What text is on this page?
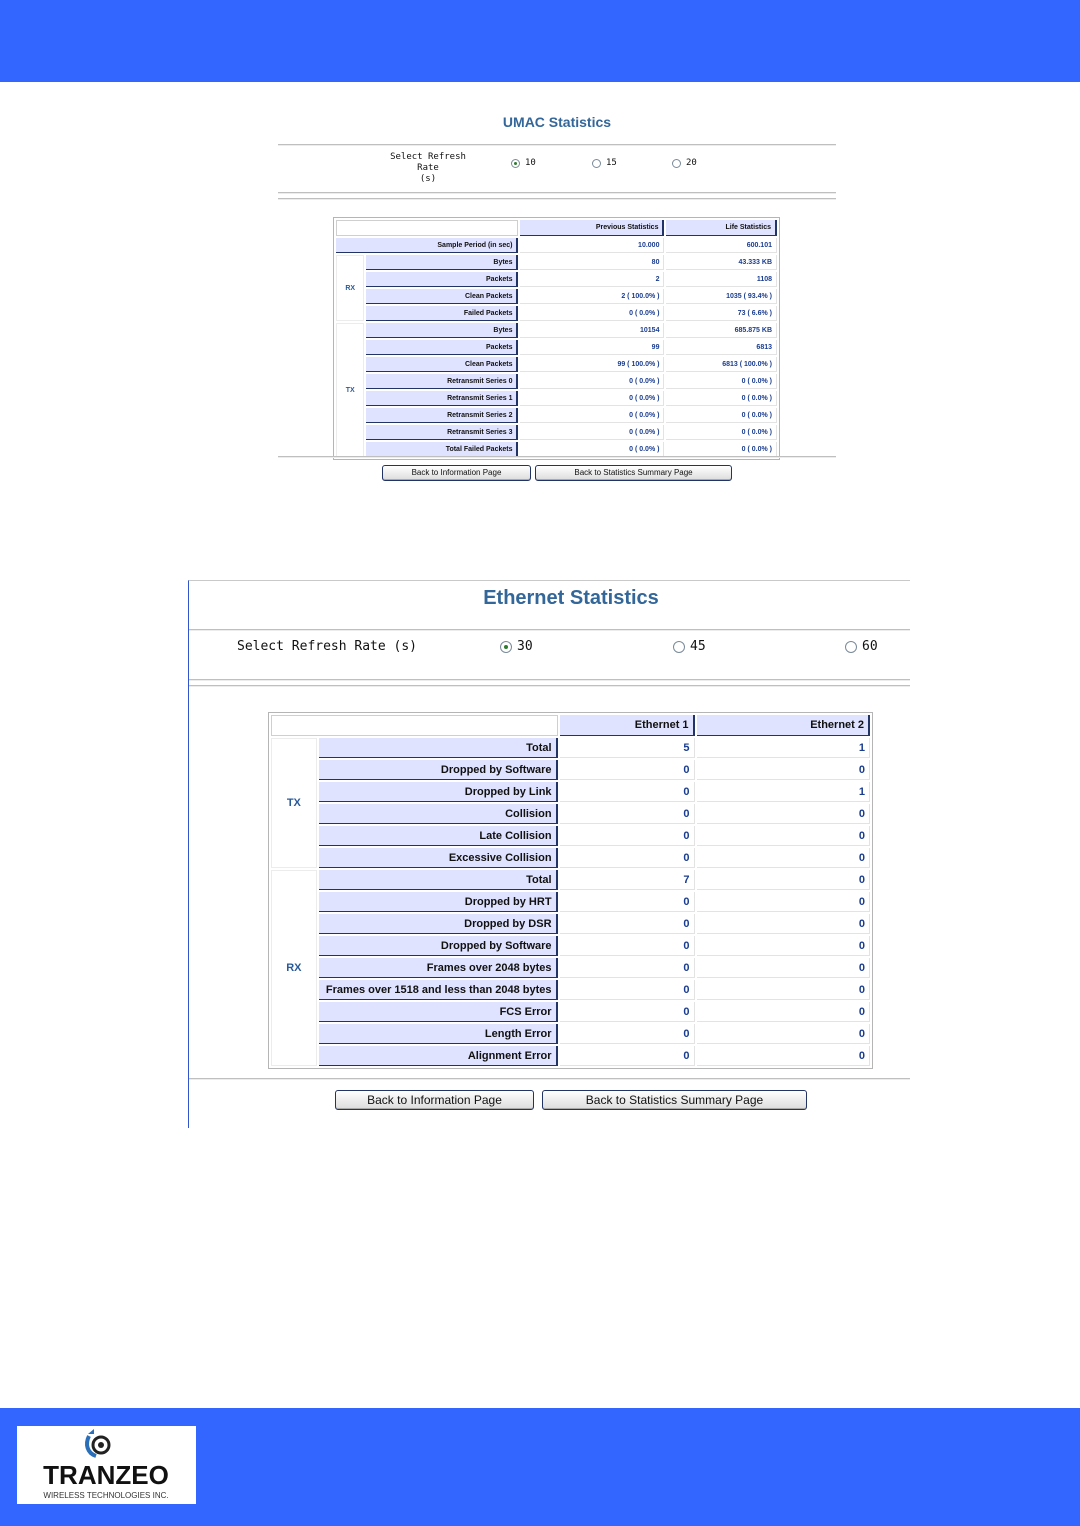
UMAC Statistics
Select Refresh Rate
(s)
10	15	20
		Previous Statistics	Life Statistics
Sample Period (in sec)		10.000	600.101
RX	Bytes	80	43.333 KB
	Packets	2	1108
	Clean Packets	2 ( 100.0% )	1035 ( 93.4% )
	Failed Packets	0 ( 0.0% )	73 ( 6.6% )
TX	Bytes	10154	685.875 KB
	Packets	99	6813
	Clean Packets	99 ( 100.0% )	6813 ( 100.0% )
	Retransmit Series 0	0 ( 0.0% )	0 ( 0.0% )
	Retransmit Series 1	0 ( 0.0% )	0 ( 0.0% )
	Retransmit Series 2	0 ( 0.0% )	0 ( 0.0% )
	Retransmit Series 3	0 ( 0.0% )	0 ( 0.0% )
	Total Failed Packets	0 ( 0.0% )	0 ( 0.0% )
Back to Information Page	Back to Statistics Summary Page
Ethernet Statistics
Select Refresh Rate (s)	30	45	60
		Ethernet 1	Ethernet 2
TX	Total	5	1
	Dropped by Software	0	0
	Dropped by Link	0	1
	Collision	0	0
	Late Collision	0	0
	Excessive Collision	0	0
RX	Total	7	0
	Dropped by HRT	0	0
	Dropped by DSR	0	0
	Dropped by Software	0	0
	Frames over 2048 bytes	0	0
	Frames over 1518 and less than 2048 bytes	0	0
	FCS Error	0	0
	Length Error	0	0
	Alignment Error	0	0
Back to Information Page	Back to Statistics Summary Page
TRANZEO
WIRELESS TECHNOLOGIES INC.
